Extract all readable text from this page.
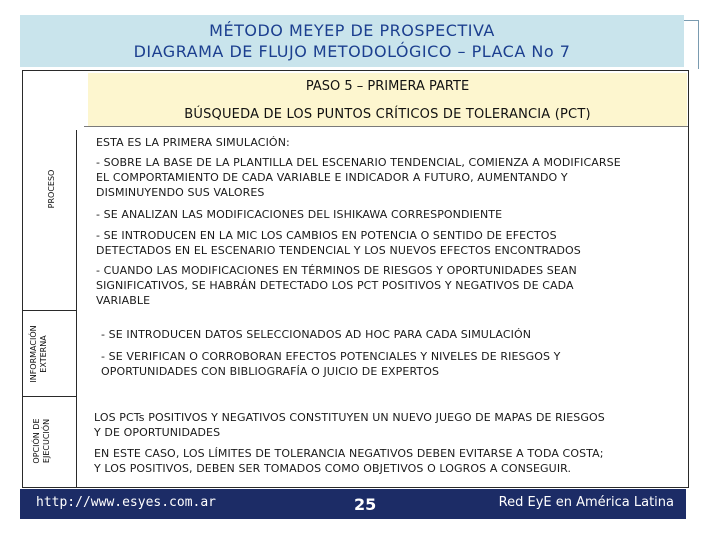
MÉTODO MEYEP DE PROSPECTIVA
DIAGRAMA DE FLUJO METODOLÓGICO – PLACA No 7
PASO 5 – PRIMERA PARTE
BÚSQUEDA DE LOS PUNTOS CRÍTICOS DE TOLERANCIA (PCT)
PROCESO
INFORMACIÓN EXTERNA
OPCIÓN DE EJECUCIÓN
ESTA ES LA PRIMERA SIMULACIÓN:
- SOBRE LA BASE DE LA PLANTILLA DEL ESCENARIO TENDENCIAL, COMIENZA A MODIFICARSE
EL COMPORTAMIENTO DE CADA VARIABLE E INDICADOR A FUTURO, AUMENTANDO Y
DISMINUYENDO SUS VALORES
- SE ANALIZAN LAS MODIFICACIONES DEL ISHIKAWA CORRESPONDIENTE
- SE INTRODUCEN EN LA MIC LOS CAMBIOS EN POTENCIA O SENTIDO DE EFECTOS
DETECTADOS EN EL ESCENARIO TENDENCIAL Y LOS NUEVOS EFECTOS ENCONTRADOS
- CUANDO LAS MODIFICACIONES EN TÉRMINOS DE RIESGOS Y OPORTUNIDADES SEAN
SIGNIFICATIVOS, SE HABRÁN DETECTADO LOS PCT POSITIVOS Y NEGATIVOS DE CADA
VARIABLE
- SE INTRODUCEN DATOS SELECCIONADOS AD HOC PARA CADA SIMULACIÓN
- SE VERIFICAN O CORROBORAN EFECTOS POTENCIALES Y NIVELES DE RIESGOS Y
OPORTUNIDADES CON BIBLIOGRAFÍA O JUICIO DE EXPERTOS
LOS PCTs POSITIVOS Y NEGATIVOS CONSTITUYEN UN NUEVO JUEGO DE MAPAS DE RIESGOS
Y DE OPORTUNIDADES
EN ESTE CASO, LOS LÍMITES DE TOLERANCIA NEGATIVOS DEBEN EVITARSE A TODA COSTA;
Y LOS POSITIVOS, DEBEN SER TOMADOS COMO OBJETIVOS O LOGROS A CONSEGUIR.
http://www.esyes.com.ar	25	Red EyE en América Latina
